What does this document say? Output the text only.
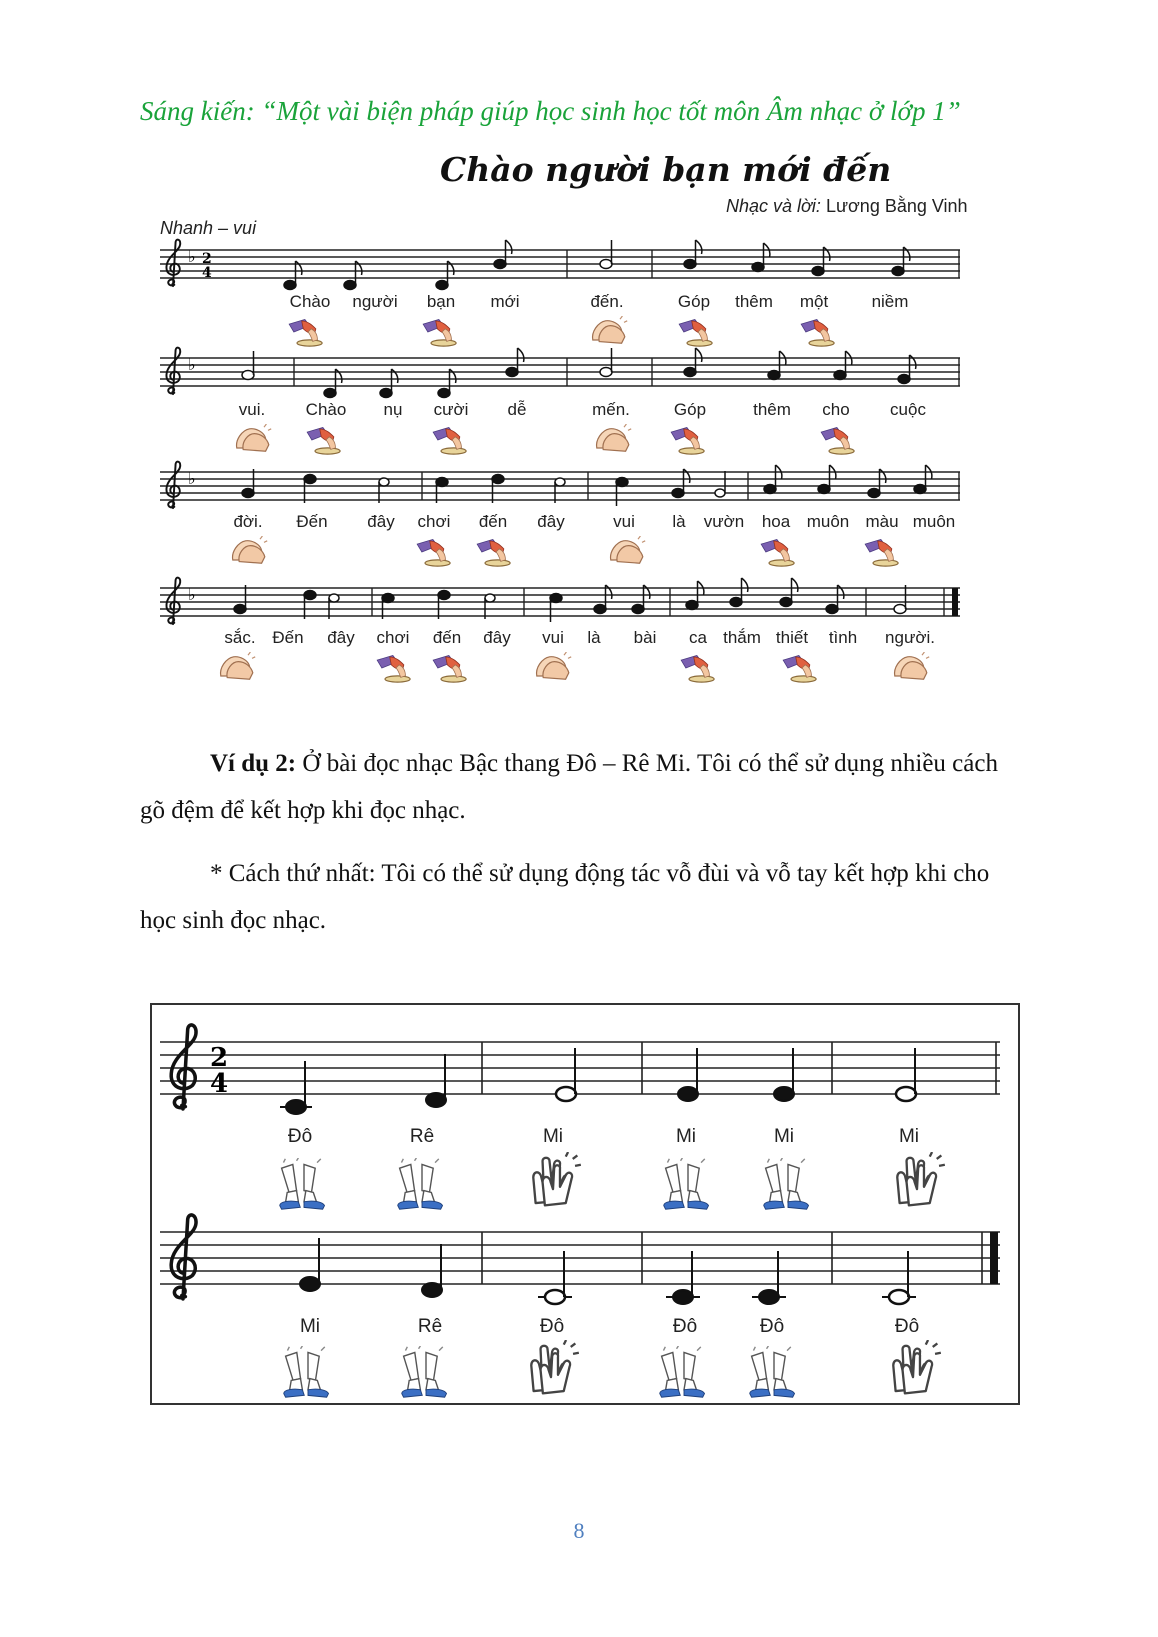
Sáng kiến: “Một vài biện pháp giúp học sinh học tốt môn Âm nhạc ở lớp 1”
Chào người bạn mới đến
Nhạc và lời: Lương Bằng Vinh
Nhanh – vui
♭ 2
4
Chào người bạn mới	đến.	Góp thêm một	niềm
♭
vui. Chào nụ cười dễ	mến.	Góp	thêm cho cuộc
♭
đời. Đến đây chơi đến đây	vui là vườn hoa muôn màu muôn
♭
sắc. Đến đây chơi đến đây vui là bài ca thắm thiết tình người.
Ví dụ 2: Ở bài đọc nhạc Bậc thang Đô – Rê Mi. Tôi có thể sử dụng nhiều cách gõ đệm để kết hợp khi đọc nhạc.
* Cách thứ nhất: Tôi có thể sử dụng động tác vỗ đùi và vỗ tay kết hợp khi cho học sinh đọc nhạc.
2
4
Đô	Rê	Mi	Mi	Mi	Mi
Mi	Rê	Đô	Đô	Đô	Đô
8
